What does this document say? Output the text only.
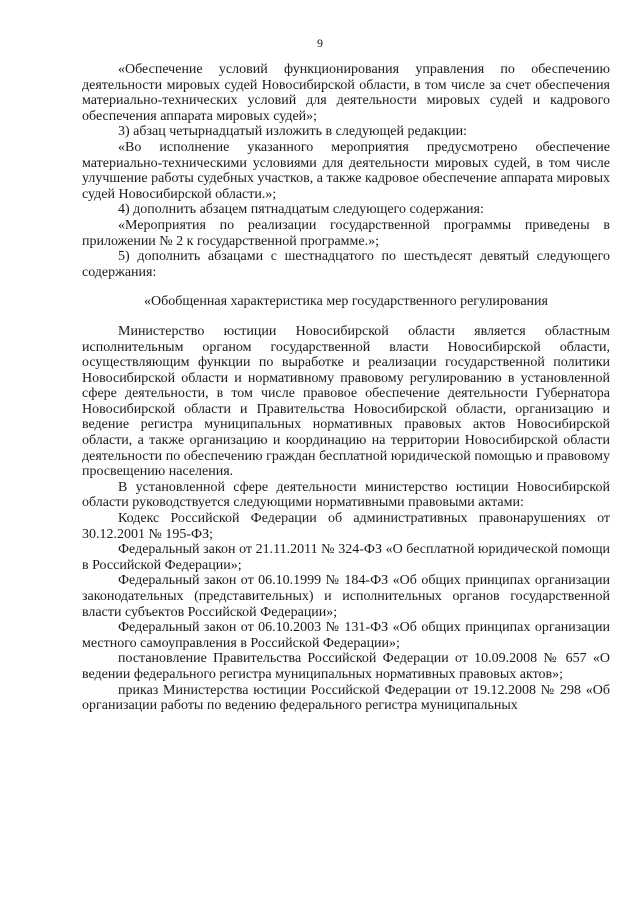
9

«Обеспечение условий функционирования управления по обеспечению деятельности мировых судей Новосибирской области, в том числе за счет обеспечения материально-технических условий для деятельности мировых судей и кадрового обеспечения аппарата мировых судей»;

3) абзац четырнадцатый изложить в следующей редакции:

«Во исполнение указанного мероприятия предусмотрено обеспечение материально-техническими условиями для деятельности мировых судей, в том числе улучшение работы судебных участков, а также кадровое обеспечение аппарата мировых судей Новосибирской области.»;

4) дополнить абзацем пятнадцатым следующего содержания:

«Мероприятия по реализации государственной программы приведены в приложении № 2 к государственной программе.»;

5) дополнить абзацами с шестнадцатого по шестьдесят девятый следующего содержания:

«Обобщенная характеристика мер государственного регулирования

Министерство юстиции Новосибирской области является областным исполнительным органом государственной власти Новосибирской области, осуществляющим функции по выработке и реализации государственной политики Новосибирской области и нормативному правовому регулированию в установленной сфере деятельности, в том числе правовое обеспечение деятельности Губернатора Новосибирской области и Правительства Новосибирской области, организацию и ведение регистра муниципальных нормативных правовых актов Новосибирской области, а также организацию и координацию на территории Новосибирской области деятельности по обеспечению граждан бесплатной юридической помощью и правовому просвещению населения.

В установленной сфере деятельности министерство юстиции Новосибирской области руководствуется следующими нормативными правовыми актами:

Кодекс Российской Федерации об административных правонарушениях от 30.12.2001 № 195-ФЗ;

Федеральный закон от 21.11.2011 № 324-ФЗ «О бесплатной юридической помощи в Российской Федерации»;

Федеральный закон от 06.10.1999 № 184-ФЗ «Об общих принципах организации законодательных (представительных) и исполнительных органов государственной власти субъектов Российской Федерации»;

Федеральный закон от 06.10.2003 № 131-ФЗ «Об общих принципах организации местного самоуправления в Российской Федерации»;

постановление Правительства Российской Федерации от 10.09.2008 № 657 «О ведении федерального регистра муниципальных нормативных правовых актов»;

приказ Министерства юстиции Российской Федерации от 19.12.2008 № 298 «Об организации работы по ведению федерального регистра муниципальных
